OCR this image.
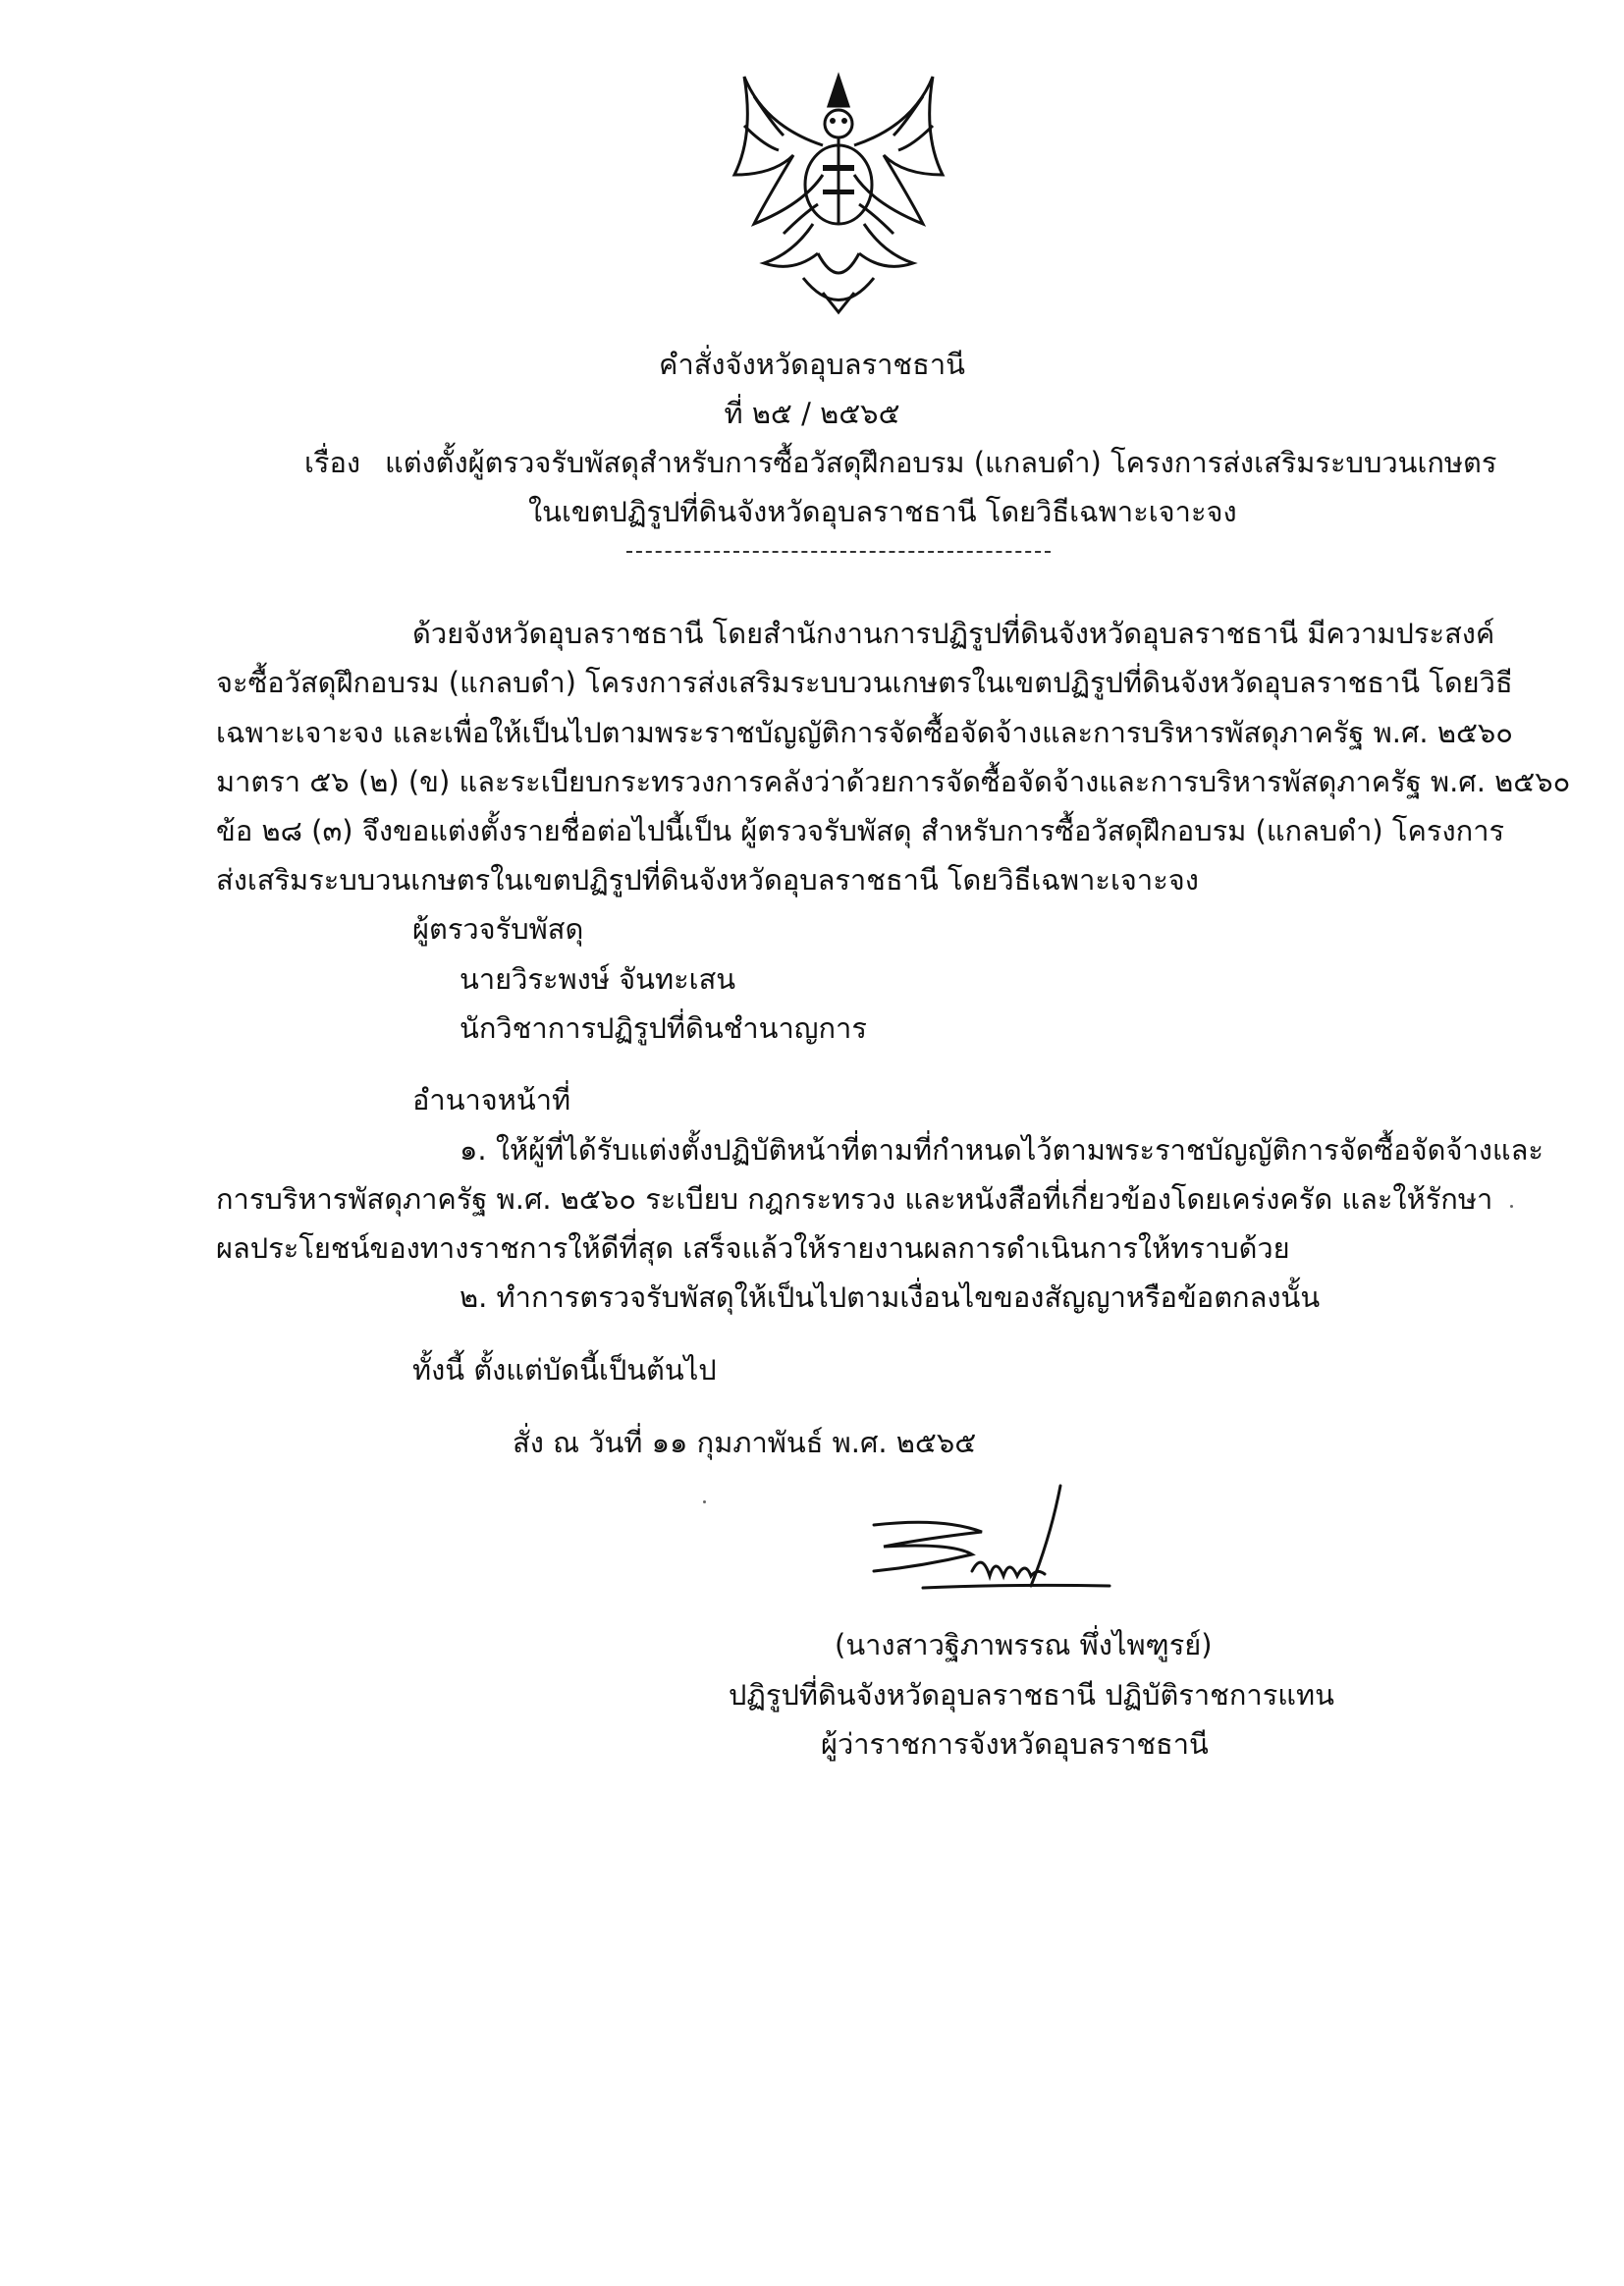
คำสั่งจังหวัดอุบลราชธานี
ที่ ๒๕ / ๒๕๖๕
เรื่อง แต่งตั้งผู้ตรวจรับพัสดุสำหรับการซื้อวัสดุฝึกอบรม (แกลบดำ) โครงการส่งเสริมระบบวนเกษตร
ในเขตปฏิรูปที่ดินจังหวัดอุบลราชธานี โดยวิธีเฉพาะเจาะจง
ด้วยจังหวัดอุบลราชธานี โดยสำนักงานการปฏิรูปที่ดินจังหวัดอุบลราชธานี มีความประสงค์
จะซื้อวัสดุฝึกอบรม (แกลบดำ) โครงการส่งเสริมระบบวนเกษตรในเขตปฏิรูปที่ดินจังหวัดอุบลราชธานี โดยวิธี
เฉพาะเจาะจง และเพื่อให้เป็นไปตามพระราชบัญญัติการจัดซื้อจัดจ้างและการบริหารพัสดุภาครัฐ พ.ศ. ๒๕๖๐
มาตรา ๕๖ (๒) (ข) และระเบียบกระทรวงการคลังว่าด้วยการจัดซื้อจัดจ้างและการบริหารพัสดุภาครัฐ พ.ศ. ๒๕๖๐
ข้อ ๒๘ (๓) จึงขอแต่งตั้งรายชื่อต่อไปนี้เป็น ผู้ตรวจรับพัสดุ สำหรับการซื้อวัสดุฝึกอบรม (แกลบดำ) โครงการ
ส่งเสริมระบบวนเกษตรในเขตปฏิรูปที่ดินจังหวัดอุบลราชธานี โดยวิธีเฉพาะเจาะจง
ผู้ตรวจรับพัสดุ
นายวิระพงษ์ จันทะเสน
นักวิชาการปฏิรูปที่ดินชำนาญการ
อำนาจหน้าที่
๑. ให้ผู้ที่ได้รับแต่งตั้งปฏิบัติหน้าที่ตามที่กำหนดไว้ตามพระราชบัญญัติการจัดซื้อจัดจ้างและ
การบริหารพัสดุภาครัฐ พ.ศ. ๒๕๖๐ ระเบียบ กฎกระทรวง และหนังสือที่เกี่ยวข้องโดยเคร่งครัด และให้รักษา
ผลประโยชน์ของทางราชการให้ดีที่สุด เสร็จแล้วให้รายงานผลการดำเนินการให้ทราบด้วย
๒. ทำการตรวจรับพัสดุให้เป็นไปตามเงื่อนไขของสัญญาหรือข้อตกลงนั้น
ทั้งนี้ ตั้งแต่บัดนี้เป็นต้นไป
สั่ง ณ วันที่ ๑๑ กุมภาพันธ์ พ.ศ. ๒๕๖๕
(นางสาวฐิภาพรรณ พึ่งไพฑูรย์)
ปฏิรูปที่ดินจังหวัดอุบลราชธานี ปฏิบัติราชการแทน
ผู้ว่าราชการจังหวัดอุบลราชธานี
